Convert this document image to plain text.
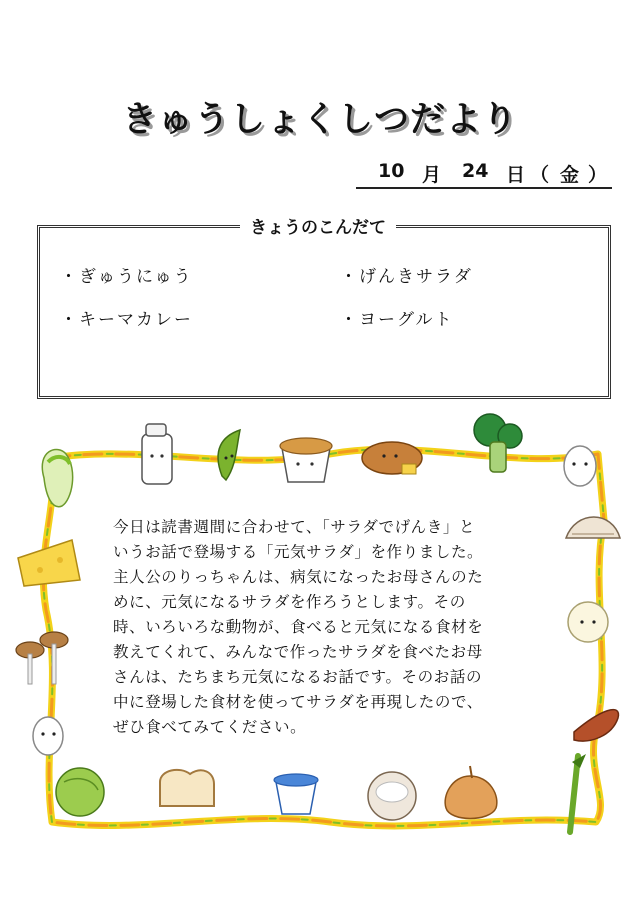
きゅうしょくしつだより

10

月

24

日

（

金

）

きょうのこんだて
・ぎゅうにゅう	・げんきサラダ
・キーマカレー	・ヨーグルト
今日は読書週間に合わせて、「サラダでげんき」と
いうお話で登場する「元気サラダ」を作りました。
主人公のりっちゃんは、病気になったお母さんのた
めに、元気になるサラダを作ろうとします。その
時、いろいろな動物が、食べると元気になる食材を
教えてくれて、みんなで作ったサラダを食べたお母
さんは、たちまち元気になるお話です。そのお話の
中に登場した食材を使ってサラダを再現したので、
ぜひ食べてみてください。
